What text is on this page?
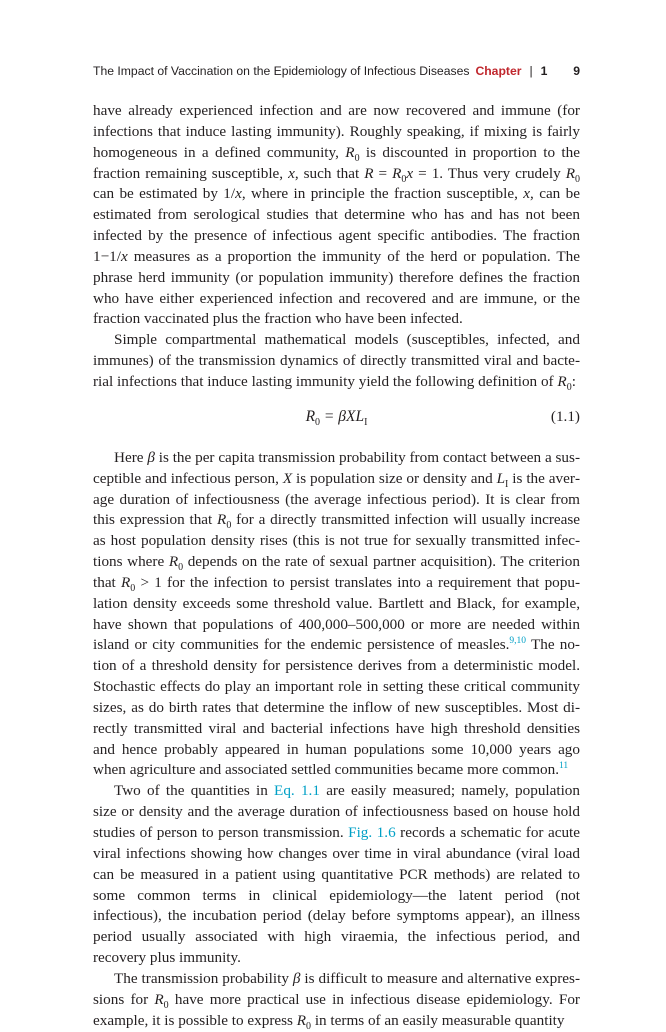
The Impact of Vaccination on the Epidemiology of Infectious Diseases Chapter | 1 9

have already experienced infection and are now recovered and immune (for infections that induce lasting immunity). Roughly speaking, if mixing is fairly homogeneous in a defined community, $R_0$ is discounted in proportion to the fraction remaining susceptible, x, such that $R = R_0x = 1$. Thus very crudely $R_0$ can be estimated by 1/x, where in principle the fraction susceptible, x, can be estimated from serological studies that determine who has and has not been infected by the presence of infectious agent specific antibodies. The fraction 1−1/x measures as a proportion the immunity of the herd or population. The phrase herd immunity (or population immunity) therefore defines the fraction who have either experienced infection and recovered and are immune, or the fraction vaccinated plus the fraction who have been infected.

Simple compartmental mathematical models (susceptibles, infected, and immunes) of the transmission dynamics of directly transmitted viral and bacterial infections that induce lasting immunity yield the following definition of $R_0$:

$R_0 = \beta XL_I$	(1.1)

Here β is the per capita transmission probability from contact between a susceptible and infectious person, X is population size or density and $L_I$ is the average duration of infectiousness (the average infectious period). It is clear from this expression that $R_0$ for a directly transmitted infection will usually increase as host population density rises (this is not true for sexually transmitted infections where $R_0$ depends on the rate of sexual partner acquisition). The criterion that $R_0 > 1$ for the infection to persist translates into a requirement that population density exceeds some threshold value. Bartlett and Black, for example, have shown that populations of 400,000–500,000 or more are needed within island or city communities for the endemic persistence of measles.$^{9,10}$ The notion of a threshold density for persistence derives from a deterministic model. Stochastic effects do play an important role in setting these critical community sizes, as do birth rates that determine the inflow of new susceptibles. Most directly transmitted viral and bacterial infections have high threshold densities and hence probably appeared in human populations some 10,000 years ago when agriculture and associated settled communities became more common.$^{11}$

Two of the quantities in Eq. 1.1 are easily measured; namely, population size or density and the average duration of infectiousness based on house hold studies of person to person transmission. Fig. 1.6 records a schematic for acute viral infections showing how changes over time in viral abundance (viral load can be measured in a patient using quantitative PCR methods) are related to some common terms in clinical epidemiology—the latent period (not infectious), the incubation period (delay before symptoms appear), an illness period usually associated with high viraemia, the infectious period, and recovery plus immunity.

The transmission probability β is difficult to measure and alternative expressions for $R_0$ have more practical use in infectious disease epidemiology. For example, it is possible to express $R_0$ in terms of an easily measurable quantity
